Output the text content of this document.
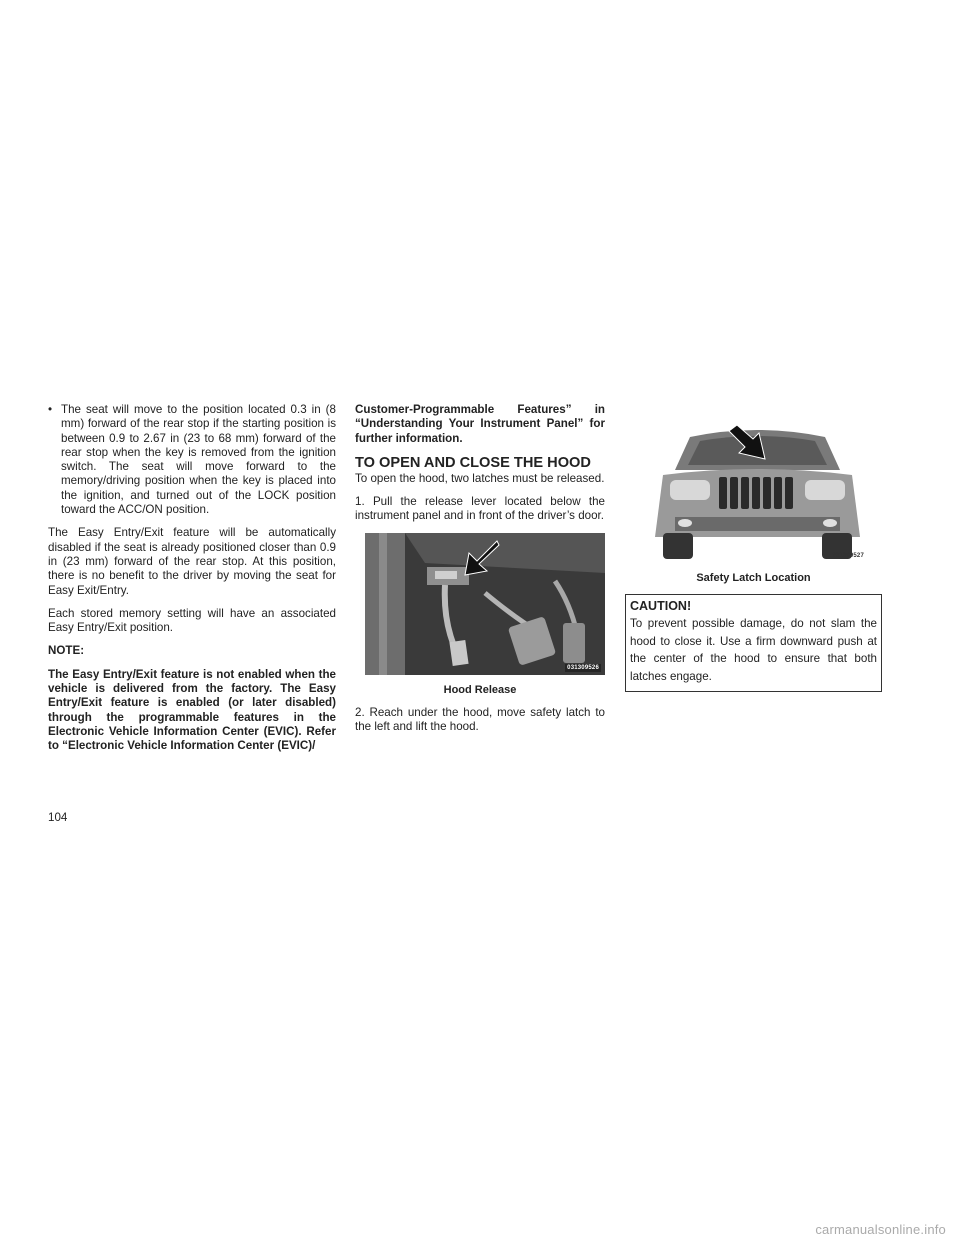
• The seat will move to the position located 0.3 in (8 mm) forward of the rear stop if the starting position is between 0.9 to 2.67 in (23 to 68 mm) forward of the rear stop when the key is removed from the ignition switch. The seat will move forward to the memory/driving position when the key is placed into the ignition, and turned out of the LOCK position toward the ACC/ON position.

The Easy Entry/Exit feature will be automatically disabled if the seat is already positioned closer than 0.9 in (23 mm) forward of the rear stop. At this position, there is no benefit to the driver by moving the seat for Easy Exit/Entry.

Each stored memory setting will have an associated Easy Entry/Exit position.

NOTE:

The Easy Entry/Exit feature is not enabled when the vehicle is delivered from the factory. The Easy Entry/Exit feature is enabled (or later disabled) through the programmable features in the Electronic Vehicle Information Center (EVIC). Refer to “Electronic Vehicle Information Center (EVIC)/

Customer-Programmable Features” in “Understanding Your Instrument Panel” for further information.

TO OPEN AND CLOSE THE HOOD

To open the hood, two latches must be released.

1. Pull the release lever located below the instrument panel and in front of the driver’s door.

031309526
Hood Release

2. Reach under the hood, move safety latch to the left and lift the hood.

031309527
Safety Latch Location
CAUTION!
To prevent possible damage, do not slam the hood to close it. Use a firm downward push at the center of the hood to ensure that both latches engage.
104
carmanualsonline.info
